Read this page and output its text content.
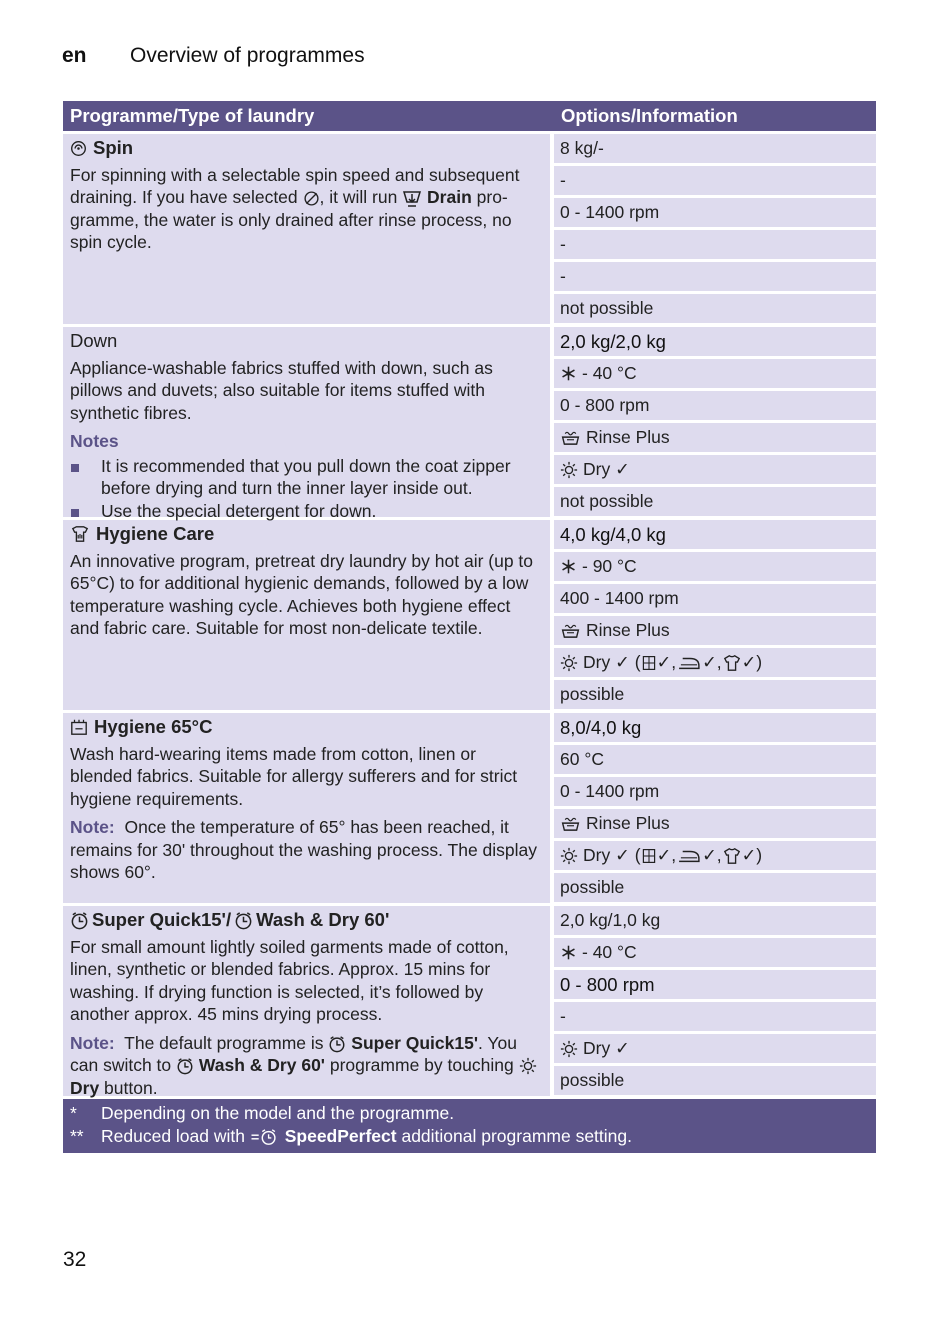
en Overview of programmes
Programme/Type of laundry	Options/Information
Spin

For spinning with a selectable spin speed and subsequent draining. If you have selected , it will run  Drain pro- gramme, the water is only drained after rinse process, no spin cycle.

8 kg/-
-
0 - 1400 rpm
-
-
not possible
Down

Appliance-washable fabrics stuffed with down, such as pillows and duvets; also suitable for items stuffed with synthetic fibres.

Notes
It is recommended that you pull down the coat zipper before drying and turn the inner layer inside out.
Use the special detergent for down.
2,0 kg/2,0 kg
- 40 °C
0 - 800 rpm
Rinse Plus
Dry ✓
not possible
Hygiene Care

An innovative program, pretreat dry laundry by hot air (up to 65°C) to for additional hygienic demands, followed by a low temperature washing cycle. Achieves both hygiene effect and fabric care. Suitable for most non-delicate textile.

4,0 kg/4,0 kg
- 90 °C
400 - 1400 rpm
Rinse Plus
Dry ✓ ( ✓, ✓, ✓)
possible
Hygiene 65°C

Wash hard-wearing items made from cotton, linen or blended fabrics. Suitable for allergy sufferers and for strict hygiene requirements.

Note: Once the temperature of 65° has been reached, it remains for 30' throughout the washing process. The display shows 60°.

8,0/4,0 kg
60 °C
0 - 1400 rpm
Rinse Plus
Dry ✓ ( ✓, ✓, ✓)
possible
Super Quick15'/ Wash & Dry 60'

For small amount lightly soiled garments made of cotton, linen, synthetic or blended fabrics. Approx. 15 mins for washing. If drying function is selected, it’s followed by another approx. 45 mins drying process.

Note: The default programme is  Super Quick15'. You can switch to  Wash & Dry 60' programme by touching  Dry button.

2,0 kg/1,0 kg
- 40 °C
0 - 800 rpm
-
Dry ✓
possible
*	Depending on the model and the programme.
** Reduced load with  SpeedPerfect additional programme setting.
32
